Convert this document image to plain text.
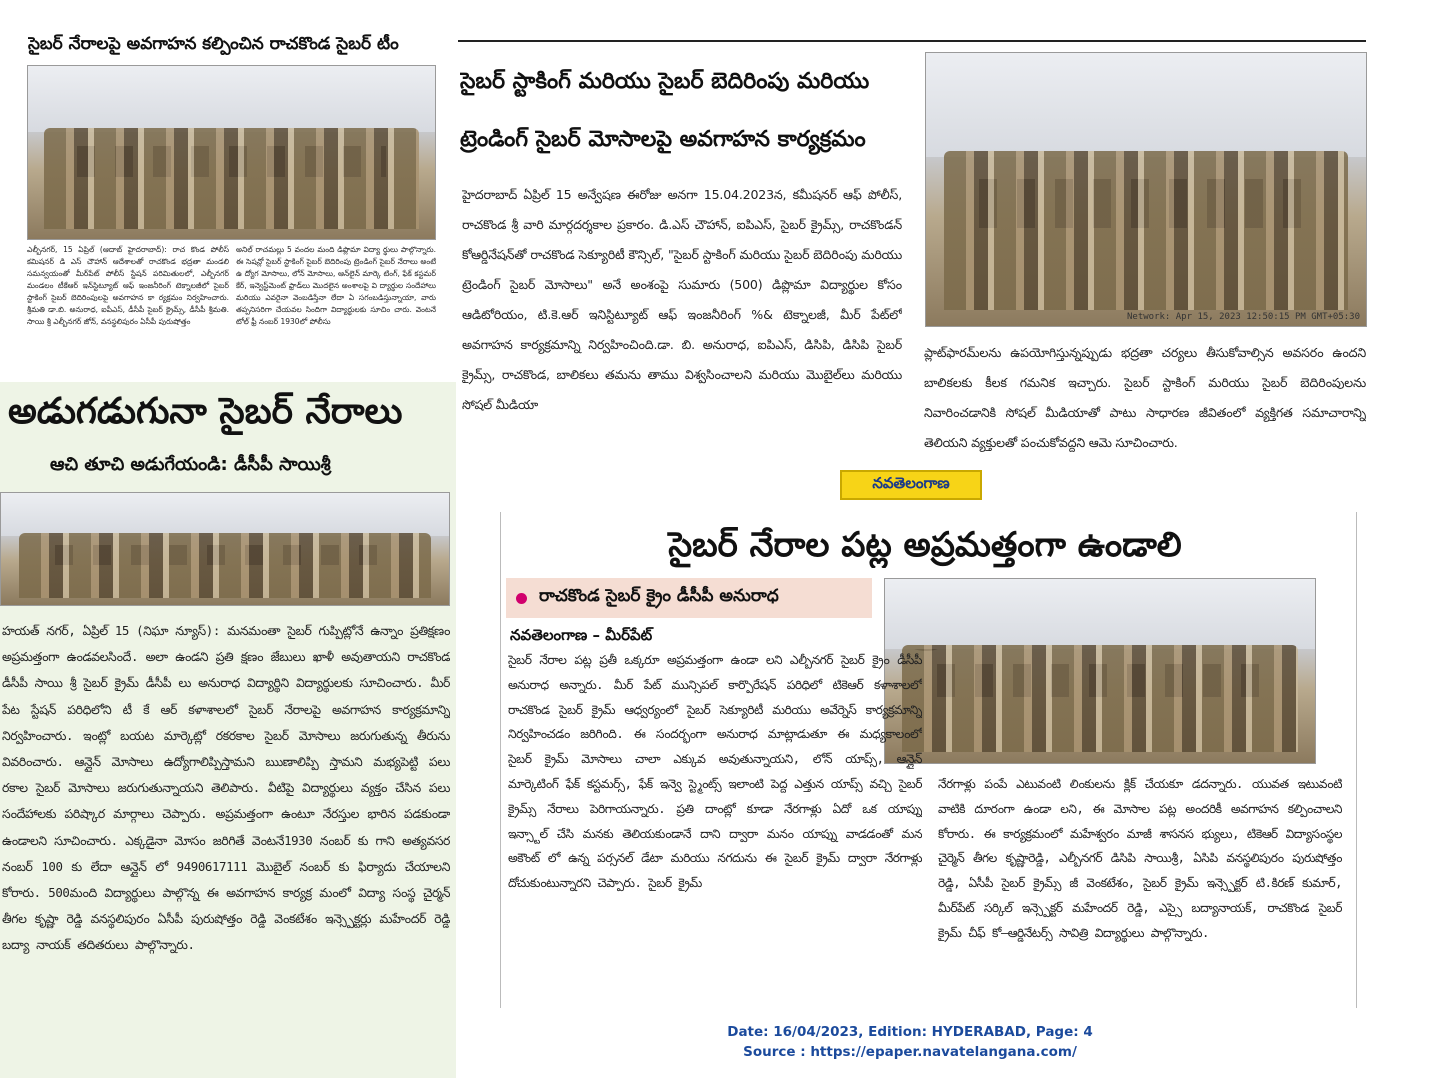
సైబర్ నేరాలపై అవగాహన కల్పించిన రాచకొండ సైబర్ టీం
ఎల్బీనగర్, 15 ఏప్రిల్ (ఆదాబ్ హైదరాబాద్): రాచ కొండ పోలీస్ కమిషనర్ డి ఎస్ చౌహాన్ ఆదేశాలతో రాచకొండ భద్రతా మండలి సమన్వయంతో మీర్‌పేట్ పోలీస్ స్టేషన్ పరిమితులలో, ఎల్బీనగర్ మండలం టీకేఆర్ ఇన్‌స్టిట్యూట్ ఆఫ్ ఇంజనీరింగ్ టెక్నాలజీలో సైబర్ స్టాకింగ్ సైబర్ బెదిరింపులపై అవగాహన కా ర్యక్రమం నిర్వహించారు. శ్రీమతి డా.బి. అనురాధ, ఐపీఎస్, డీసీపీ సైబర్ క్రైమ్స్, డీసీపీ శ్రీమతి. సాయి శ్రీ ఎల్బీనగర్ జోన్, వనస్థలిపురం ఏసీపీ పురుషోత్తం
అనిల్ రాచమల్లు 5 వందల మంది డిప్లొమా విద్యా ర్థులు పాల్గొన్నారు. ఈ సెషన్లో సైబర్ స్టాకింగ్ సైబర్ బెదిరింపు ట్రెండింగ్ సైబర్ నేరాలు అంటే ఉ ద్యోగ మోసాలు, లోన్ మోసాలు, ఆన్‌లైన్ మార్కె టింగ్, ఫేక్ కస్టమర్ కేర్, ఇన్వెస్ట్‌మెంట్ ఫ్రాడ్‌లు మొదలైన అంశాలపై వి ద్యార్థుల సందేహాలు మరియు ఎవరైనా వెంబడిస్తేనా లేదా ఏ సగంబడిస్తున్నాయా, వారు తప్పనిసరిగా చేయవల సిందిగా విద్యార్థులకు సూచిం చారు. వెంటనే టోల్ ఫ్రీ నంబర్ 1930లో పోలీసు
అడుగడుగునా సైబర్ నేరాలు
ఆచి తూచి అడుగేయండి: డీసీపీ సాయిశ్రీ
హయత్ నగర్, ఏప్రిల్ 15 (నిఘా న్యూస్): మనమంతా సైబర్ గుప్పిట్లోనే ఉన్నాం ప్రతిక్షణం అప్రమత్తంగా ఉండవలసిందే. అలా ఉండని ప్రతి క్షణం జేబులు ఖాళీ అవుతాయని రాచకొండ డీసీపీ సాయి శ్రీ సైబర్ క్రైమ్ డీసీపీ లు అనురాధ విద్యార్థిని విద్యార్థులకు సూచించారు. మీర్ పేట స్టేషన్ పరిధిలోని టీ కే ఆర్ కళాశాలలో సైబర్ నేరాలపై అవగాహన కార్యక్రమాన్ని నిర్వహించారు. ఇంట్లో బయట మార్కెట్లో రకరకాల సైబర్ మోసాలు జరుగుతున్న తీరును వివరించారు. ఆన్లైన్ మోసాలు ఉద్యోగాలిప్పిస్తామని ఋణాలిప్పి స్తామని మభ్యపెట్టి పలు రకాల సైబర్ మోసాలు జరుగుతున్నాయని తెలిపారు. వీటిపై విద్యార్థులు వ్యక్తం చేసిన పలు సందేహాలకు పరిష్కార మార్గాలు చెప్పారు. అప్రమత్తంగా ఉంటూ నేరస్తుల భారిన పడకుండా ఉండాలని సూచించారు. ఎక్కడైనా మోసం జరిగితే వెంటనే1930 నంబర్ కు గాని అత్యవసర నంబర్ 100 కు లేదా ఆన్లైన్ లో 9490617111 మొబైల్ నంబర్ కు ఫిర్యాదు చేయాలని కోరారు. 500మంది విద్యార్థులు పాల్గొన్న ఈ అవగాహన కార్యక్ర మంలో విద్యా సంస్థ చైర్మన్ తీగల కృష్ణా రెడ్డి వనస్థలిపురం ఏసీపీ పురుషోత్తం రెడ్డి వెంకటేశం ఇన్స్పెక్టర్లు మహేందర్ రెడ్డి బద్యా నాయక్ తదితరులు పాల్గొన్నారు.
సైబర్ స్టాకింగ్ మరియు సైబర్ బెదిరింపు మరియు
ట్రెండింగ్ సైబర్ మోసాలపై అవగాహన కార్యక్రమం
హైదరాబాద్ ఏప్రిల్ 15 అన్వేషణ ఈరోజు అనగా 15.04.2023న, కమీషనర్ ఆఫ్ పోలీస్, రాచకొండ శ్రీ వారి మార్గదర్శకాల ప్రకారం. డి.ఎస్ చౌహాన్, ఐపిఎస్, సైబర్ క్రైమ్స్, రాచకొండన్ కోఆర్డినేషన్‌తో రాచకొండ సెక్యూరిటీ కౌన్సిల్, "సైబర్ స్టాకింగ్ మరియు సైబర్ బెదిరింపు మరియు ట్రెండింగ్ సైబర్ మోసాలు" అనే అంశంపై సుమారు (500) డిప్లొమా విద్యార్థుల కోసం ఆడిటోరియం, టి.కె.ఆర్ ఇనిస్టిట్యూట్ ఆఫ్ ఇంజనీరింగ్ %& టెక్నాలజీ, మీర్ పేట్‌లో అవగాహన కార్యక్రమాన్ని నిర్వహించింది.డా. బి. అనురాధ, ఐపిఎస్, డిసిపి, డిసిపి సైబర్ క్రైమ్స్, రాచకొండ, బాలికలు తమను తాము విశ్వసించాలని మరియు మొబైల్‌లు మరియు సోషల్ మీడియా
Network: Apr 15, 2023 12:50:15 PM GMT+05:30
ప్లాట్‌ఫారమ్‌లను ఉపయోగిస్తున్నప్పుడు భద్రతా చర్యలు తీసుకోవాల్సిన అవసరం ఉందని బాలికలకు కీలక గమనిక ఇచ్చారు. సైబర్ స్టాకింగ్ మరియు సైబర్ బెదిరింపులను నివారించడానికి సోషల్ మీడియాతో పాటు సాధారణ జీవితంలో వ్యక్తిగత సమాచారాన్ని తెలియని వ్యక్తులతో పంచుకోవద్దని ఆమె సూచించారు.
నవతెలంగాణ
సైబర్ నేరాల పట్ల అప్రమత్తంగా ఉండాలి
రాచకొండ సైబర్ క్రైం డీసీపీ అనురాధ
నవతెలంగాణ – మీర్‌పేట్
సైబర్ నేరాల పట్ల ప్రతీ ఒక్కరూ అప్రమత్తంగా ఉండా లని ఎల్బీనగర్ సైబర్ క్రైం డీసీపీ అనురాధ అన్నారు. మీర్ పేట్ మున్సిపల్ కార్పొరేషన్ పరిధిలో టికెఆర్ కళాశాలలో రాచకొండ సైబర్ క్రైమ్ ఆధ్వర్యంలో సైబర్ సెక్యూరిటీ మరియు అవేర్నెస్ కార్యక్రమాన్ని నిర్వహించడం జరిగింది. ఈ సందర్భంగా అనురాధ మాట్లాడుతూ ఈ మధ్యకాలంలో సైబర్ క్రైమ్ మోసాలు చాలా ఎక్కువ అవుతున్నాయని, లోన్ యాప్స్, ఆన్లైన్ మార్కెటింగ్ ఫేక్ కస్టమర్స్, ఫేక్ ఇన్వె స్ట్మెంట్స్ ఇలాంటి పెద్ద ఎత్తున యాప్స్ వచ్చి సైబర్ క్రైమ్స్ నేరాలు పెరిగాయన్నారు. ప్రతి దాంట్లో కూడా నేరగాళ్లు ఏదో ఒక యాప్ను ఇన్స్టాల్ చేసి మనకు తెలియకుండానే దాని ద్వారా మనం యాప్ను వాడడంతో మన అకౌంట్ లో ఉన్న పర్సనల్ డేటా మరియు నగదును ఈ సైబర్ క్రైమ్ ద్వారా నేరగాళ్లు దోచుకుంటున్నారని చెప్పారు. సైబర్ క్రైమ్
నేరగాళ్లు పంపే ఎటువంటి లింకులను క్లిక్ చేయకూ డదన్నారు. యువత ఇటువంటి వాటికి దూరంగా ఉండా లని, ఈ మోసాల పట్ల అందరికీ అవగాహన కల్పించాలని కోరారు. ఈ కార్యక్రమంలో మహేశ్వరం మాజీ శాసనస భ్యులు, టికెఆర్ విద్యాసంస్థల చైర్మెన్ తీగల కృష్ణారెడ్డి, ఎల్బీనగర్ డిసిపి సాయిశ్రీ, ఏసిపి వనస్థలిపురం పురుషోత్తం రెడ్డి, ఏసీపీ సైబర్ క్రైమ్స్ జీ వెంకటేశం, సైబర్ క్రైమ్ ఇన్స్పెక్టర్ టి.కిరణ్ కుమార్, మీర్‌పేట్ సర్కిల్ ఇన్స్పెక్టర్ మహేందర్ రెడ్డి, ఎస్సై బద్యానాయక్, రాచకొండ సైబర్ క్రైమ్ చీఫ్ కో–ఆర్డినేటర్స్ సావిత్రి విద్యార్థులు పాల్గొన్నారు.
Date: 16/04/2023, Edition: HYDERABAD, Page: 4
Source : https://epaper.navatelangana.com/
